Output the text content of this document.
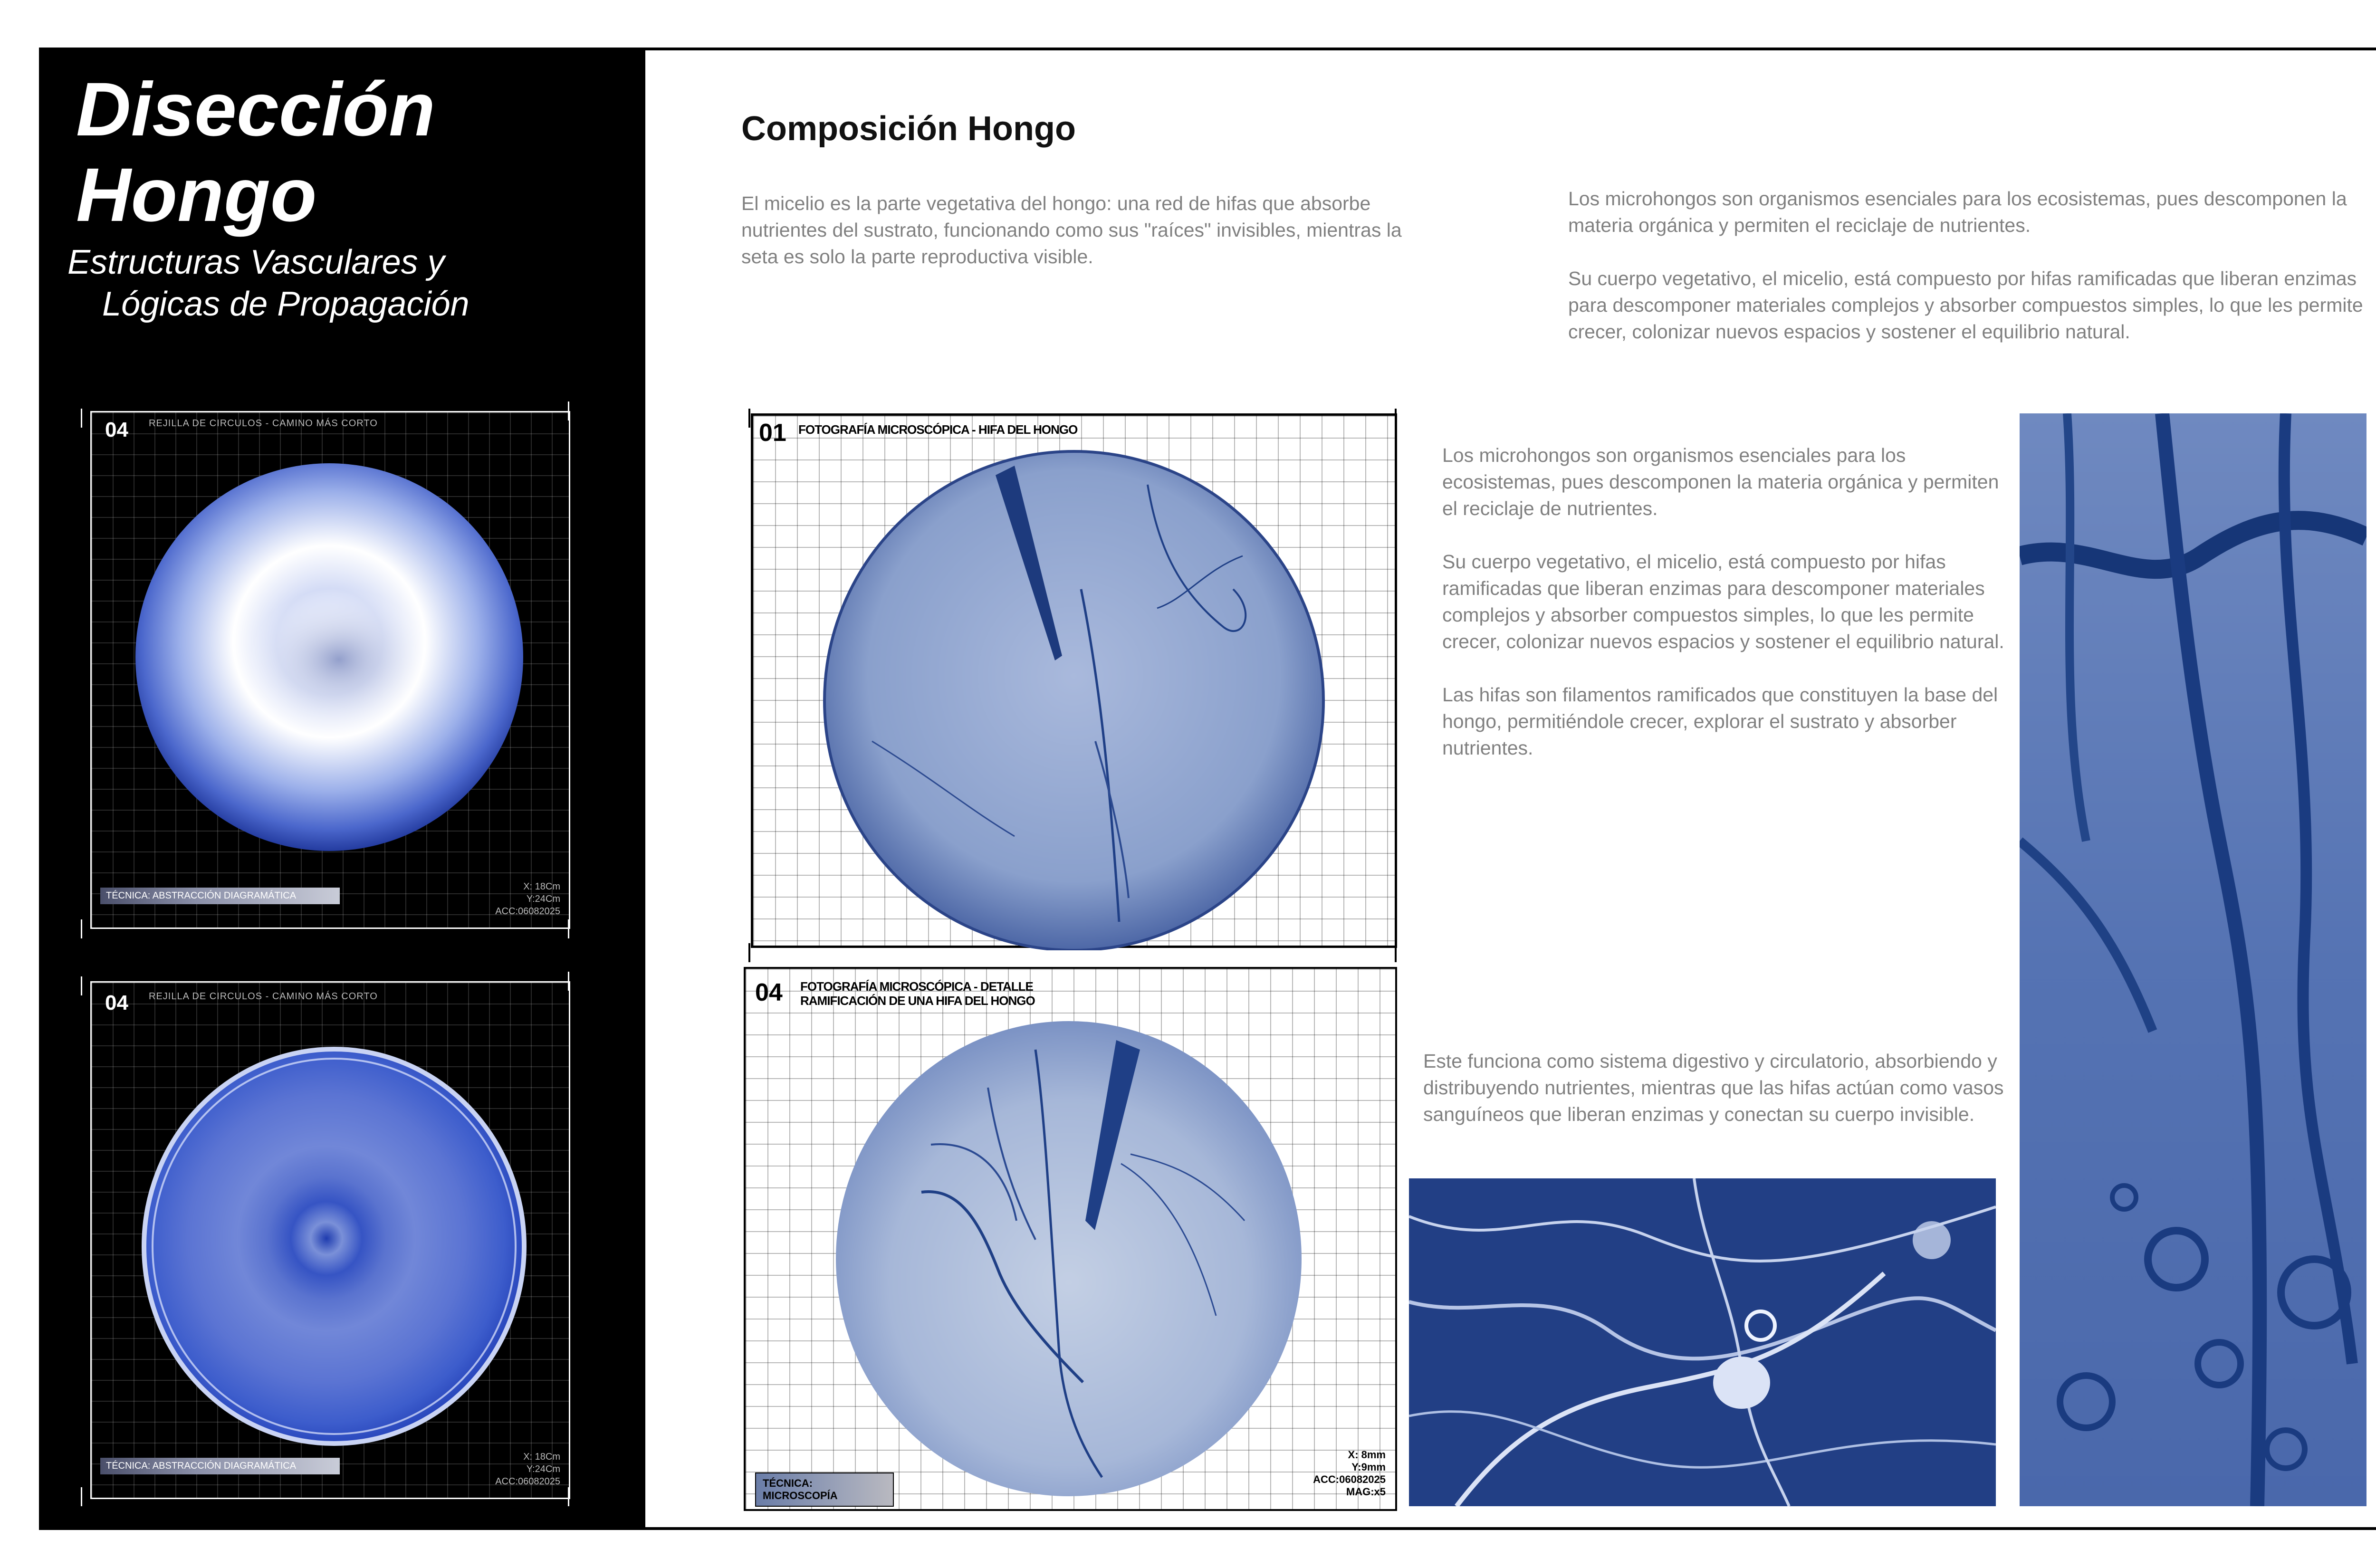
Disección

Hongo

Estructuras Vasculares y
Lógicas de Propagación
04 REJILLA DE CIRCULOS - CAMINO MÁS CORTO
TÉCNICA: ABSTRACCIÓN DIAGRAMÁTICA
X: 18Cm
Y:24Cm
ACC:06082025
04 REJILLA DE CIRCULOS - CAMINO MÁS CORTO
TÉCNICA: ABSTRACCIÓN DIAGRAMÁTICA
X: 18Cm
Y:24Cm
ACC:06082025
Composición Hongo

El micelio es la parte vegetativa del hongo: una red de hifas que absorbe nutrientes del sustrato, funcionando como sus "raíces" invisibles, mientras la seta es solo la parte reproductiva visible.

Los microhongos son organismos esenciales para los ecosistemas, pues descomponen la materia orgánica y permiten el reciclaje de nutrientes.

Su cuerpo vegetativo, el micelio, está compuesto por hifas ramificadas que liberan enzimas para descomponer materiales complejos y absorber compuestos simples, lo que les permite crecer, colonizar nuevos espacios y sostener el equilibrio natural.

01 FOTOGRAFÍA MICROSCÓPICA - HIFA DEL HONGO
04 FOTOGRAFÍA MICROSCÓPICA - DETALLE
RAMIFICACIÓN DE UNA HIFA DEL HONGO
TÉCNICA: MICROSCOPÍA
X: 8mm
Y:9mm
ACC:06082025
MAG:x5

Los microhongos son organismos esenciales para los ecosistemas, pues descomponen la materia orgánica y permiten el reciclaje de nutrientes.

Su cuerpo vegetativo, el micelio, está compuesto por hifas ramificadas que liberan enzimas para descomponer materiales complejos y absorber compuestos simples, lo que les permite crecer, colonizar nuevos espacios y sostener el equilibrio natural.

Las hifas son filamentos ramificados que constituyen la base del hongo, permitiéndole crecer, explorar el sustrato y absorber nutrientes.

Este funciona como sistema digestivo y circulatorio, absorbiendo y distribuyendo nutrientes, mientras que las hifas actúan como vasos sanguíneos que liberan enzimas y conectan su cuerpo invisible.
